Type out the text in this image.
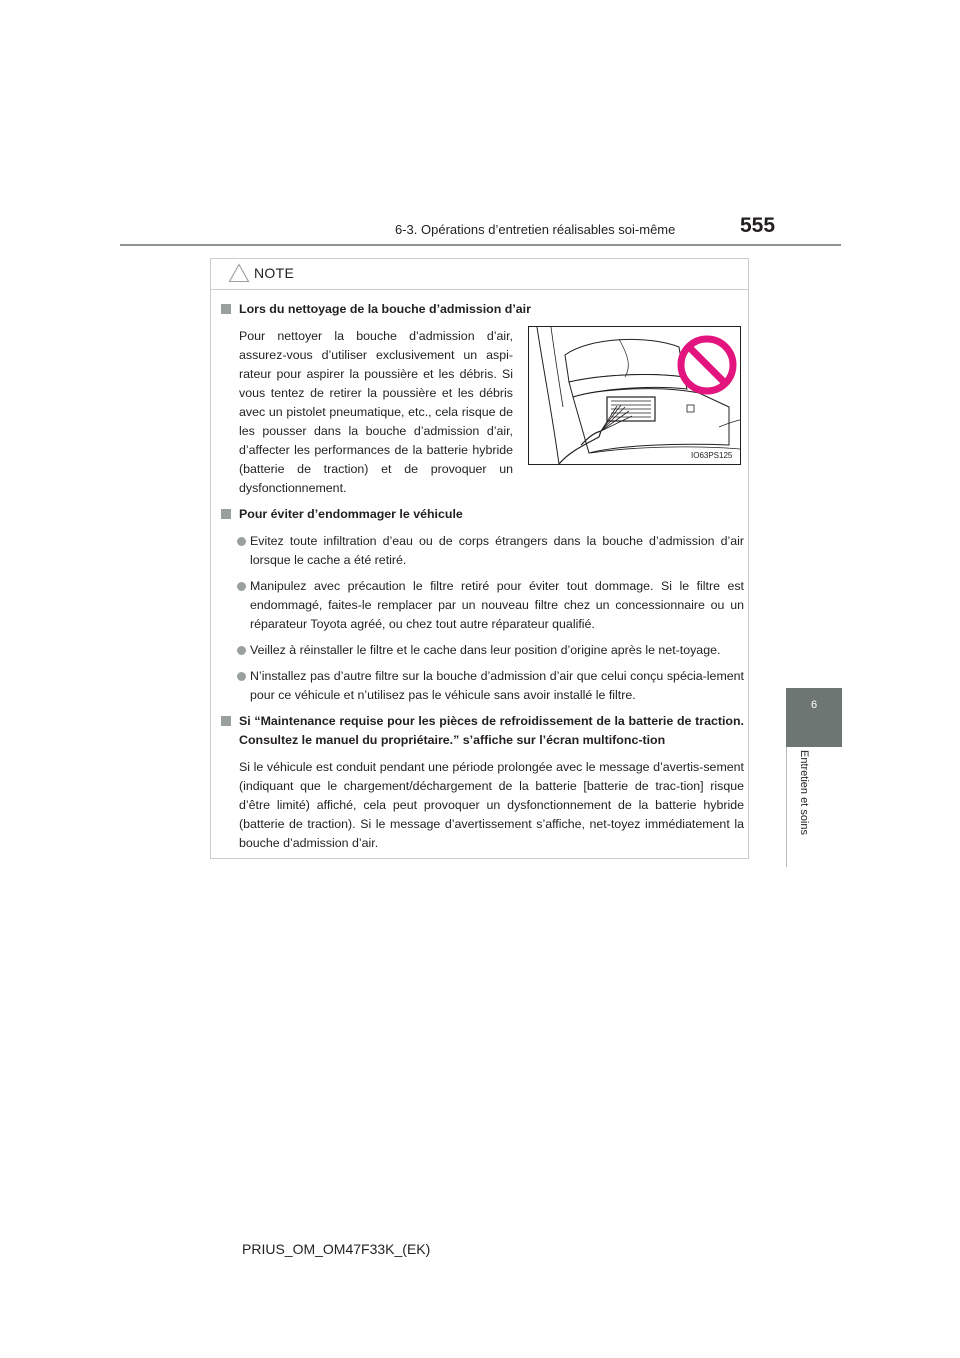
6-3. Opérations d’entretien réalisables soi-même	555
6
Entretien et soins
NOTE
Lors du nettoyage de la bouche d’admission d’air
Pour nettoyer la bouche d’admission d’air, assurez-vous d’utiliser exclusivement un aspi-rateur pour aspirer la poussière et les débris. Si vous tentez de retirer la poussière et les débris avec un pistolet pneumatique, etc., cela risque de les pousser dans la bouche d’admission d’air, d’affecter les performances de la batterie hybride (batterie de traction) et de provoquer un dysfonctionnement.
IO63PS125
Pour éviter d’endommager le véhicule
Evitez toute infiltration d’eau ou de corps étrangers dans la bouche d’admission d’air lorsque le cache a été retiré.
Manipulez avec précaution le filtre retiré pour éviter tout dommage. Si le filtre est endommagé, faites-le remplacer par un nouveau filtre chez un concessionnaire ou un réparateur Toyota agréé, ou chez tout autre réparateur qualifié.
Veillez à réinstaller le filtre et le cache dans leur position d’origine après le net-toyage.
N’installez pas d’autre filtre sur la bouche d’admission d’air que celui conçu spécia-lement pour ce véhicule et n’utilisez pas le véhicule sans avoir installé le filtre.
Si “Maintenance requise pour les pièces de refroidissement de la batterie de traction. Consultez le manuel du propriétaire.” s’affiche sur l’écran multifonc-tion
Si le véhicule est conduit pendant une période prolongée avec le message d’avertis-sement (indiquant que le chargement/déchargement de la batterie [batterie de trac-tion] risque d’être limité) affiché, cela peut provoquer un dysfonctionnement de la batterie hybride (batterie de traction). Si le message d’avertissement s’affiche, net-toyez immédiatement la bouche d’admission d’air.
PRIUS_OM_OM47F33K_(EK)
